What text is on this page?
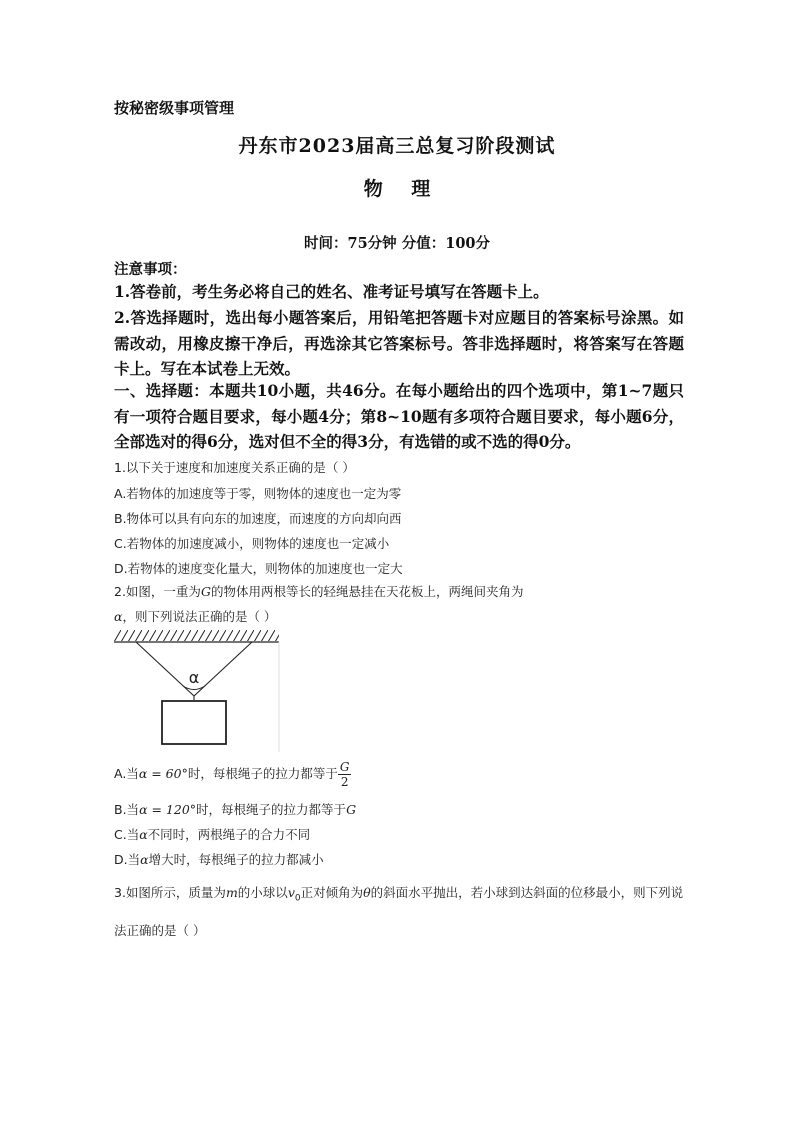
按秘密级事项管理
丹东市2023届高三总复习阶段测试
物 理
时间：75分钟 分值：100分
注意事项：
1.答卷前，考生务必将自己的姓名、准考证号填写在答题卡上。
2.答选择题时，选出每小题答案后，用铅笔把答题卡对应题目的答案标号涂黑。如需改动，用橡皮擦干净后，再选涂其它答案标号。答非选择题时，将答案写在答题卡上。写在本试卷上无效。
一、选择题：本题共10小题，共46分。在每小题给出的四个选项中，第1~7题只有一项符合题目要求，每小题4分；第8~10题有多项符合题目要求，每小题6分，全部选对的得6分，选对但不全的得3分，有选错的或不选的得0分。
1.以下关于速度和加速度关系正确的是（ ）
A.若物体的加速度等于零，则物体的速度也一定为零
B.物体可以具有向东的加速度，而速度的方向却向西
C.若物体的加速度减小，则物体的速度也一定减小
D.若物体的速度变化量大，则物体的加速度也一定大
2.如图，一重为G的物体用两根等长的轻绳悬挂在天花板上，两绳间夹角为α，则下列说法正确的是（ ）
α
A.当α = 60°时，每根绳子的拉力都等于 $\frac{G}{2}$
B.当α = 120°时，每根绳子的拉力都等于G
C.当α不同时，两根绳子的合力不同
D.当α增大时，每根绳子的拉力都减小
3.如图所示，质量为m的小球以$v_0$正对倾角为θ的斜面水平抛出，若小球到达斜面的位移最小，则下列说法正确的是（ ）
